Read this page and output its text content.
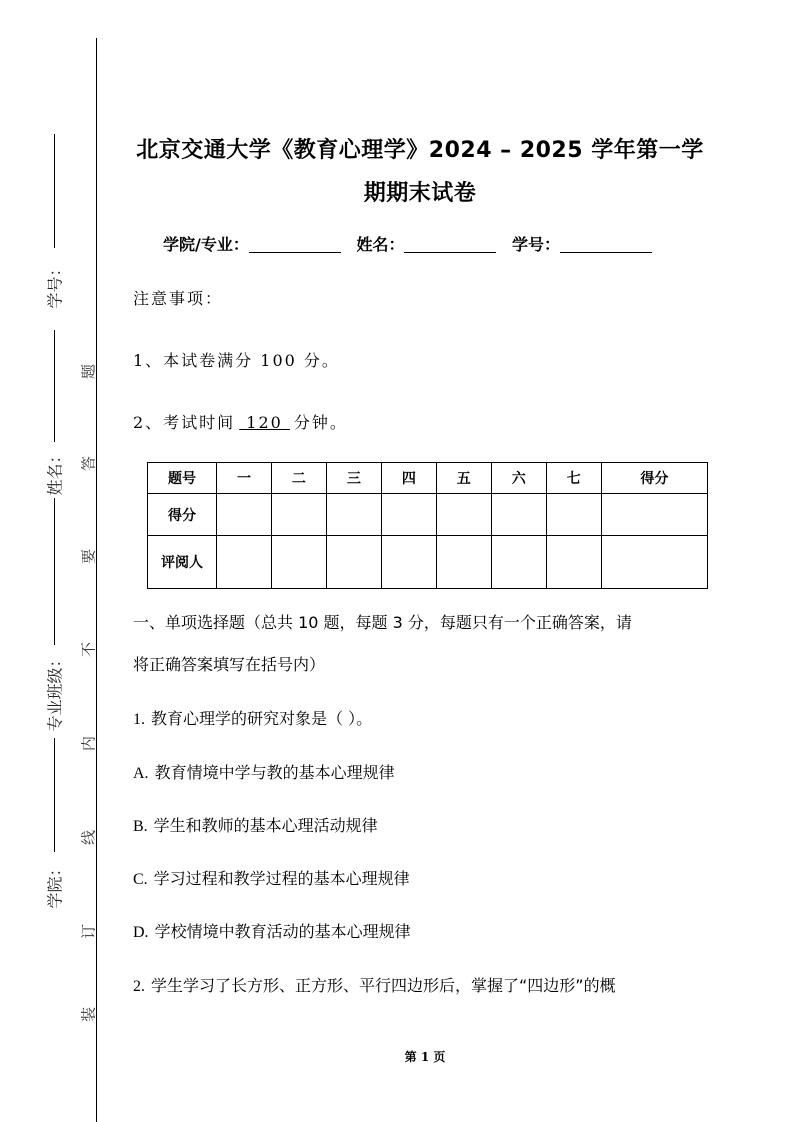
学号：
姓名：
专业班级：
学院：
题
答
要
不
内
线
订
装
北京交通大学《教育心理学》2024 – 2025 学年第一学
期期末试卷
学院/专业：	姓名：	学号：
注意事项：
1、本试卷满分 100 分。
2、考试时间 120 分钟。
题号	一	二	三	四	五	六	七	得分
得分								
评阅人								
一、单项选择题（总共 10 题，每题 3 分，每题只有一个正确答案，请
将正确答案填写在括号内）
1. 教育心理学的研究对象是（ ）。
A. 教育情境中学与教的基本心理规律
B. 学生和教师的基本心理活动规律
C. 学习过程和教学过程的基本心理规律
D. 学校情境中教育活动的基本心理规律
2. 学生学习了长方形、正方形、平行四边形后，掌握了“四边形”的概
第 1 页
